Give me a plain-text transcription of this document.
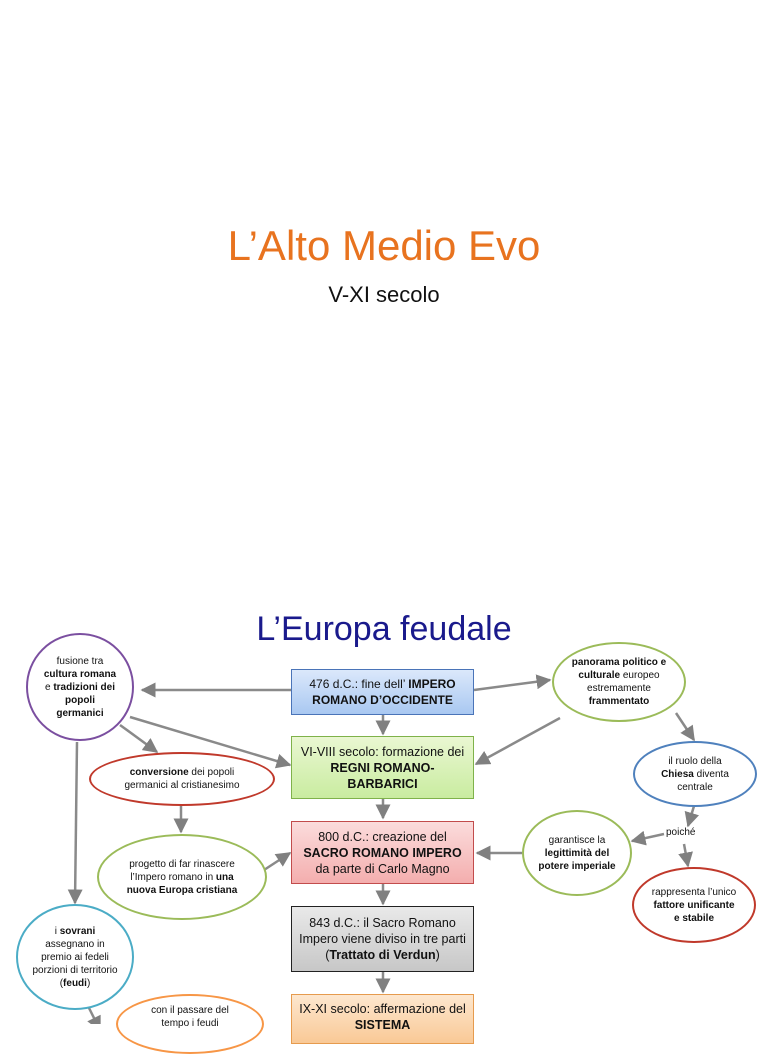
L’Alto Medio Evo
V-XI secolo
L’Europa feudale
476 d.C.: fine dell’ IMPERO ROMANO D’OCCIDENTE
VI-VIII secolo: formazione dei REGNI ROMANO-BARBARICI
800 d.C.: creazione del SACRO ROMANO IMPERO da parte di Carlo Magno
843 d.C.: il Sacro Romano Impero viene diviso in tre parti (Trattato di Verdun)
IX-XI secolo: affermazione del SISTEMA
fusione tra cultura romana e tradizioni dei popoli germanici
conversione dei popoli germanici al cristianesimo
progetto di far rinascere l’Impero romano in una nuova Europa cristiana
i sovrani assegnano in premio ai fedeli porzioni di territorio (feudi)
con il passare del tempo i feudi
panorama politico e culturale europeo estremamente frammentato
il ruolo della Chiesa diventa centrale
poiché
garantisce la legittimità del potere imperiale
rappresenta l’unico fattore unificante e stabile
